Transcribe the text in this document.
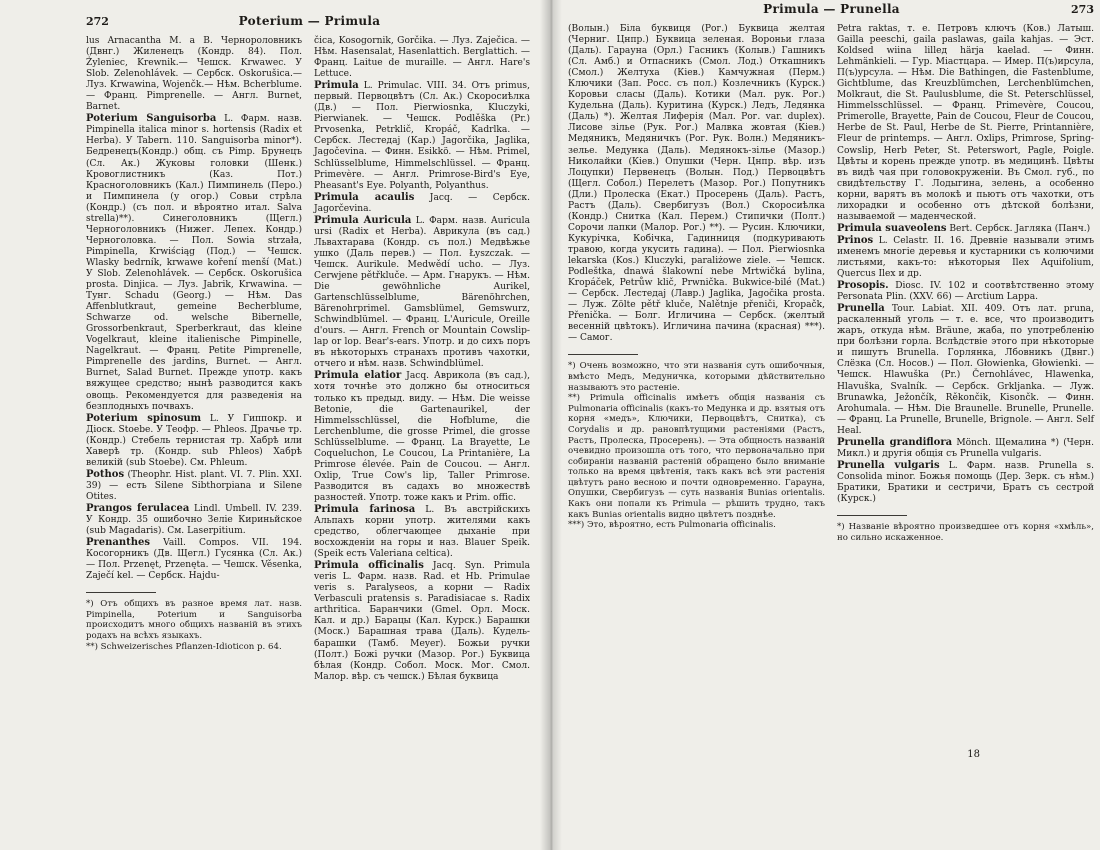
272	Poterium — Primula

lus Arnacantha M. a B. Чернороловникъ (Двнг.) Жиленецъ (Кондр. 84). Пол. Żyleniec, Krewnik.— Чешск. Krwawec. У Slob. Zelenohlávek. — Сербск. Oskorušica.—Луз. Krwawina, Wojenčk.— Нѣм. Bcherblume. — Франц. Pimprenelle. — Англ. Burnet, Barnet.

Poterium Sanguisorba L. Фарм. назв. Pimpinella italica minor s. hortensis (Radix et Herba). У Tabern. 110. Sanguisorba minor*). Бедренецъ(Кондр.) общ. съ Pimp. Брунецъ (Сл. Ак.) Жуковы головки (Шенк.) Кровоглистникъ (Каз. Пот.) Красноголовникъ (Кал.) Пимпинель (Перо.) и Пимпинела (у огор.) Совьи стрѣла (Кондр.) (съ пол. и вѣроятно итал. Salva strella)**). Синеголовникъ (Щегл.) Черноголовникъ (Нижег. Лепех. Кондр.) Черноголовка. — Пол. Sowia strzała, Pimpinella, Krwiściąg (Под.) — Чешск. Wlasky bedrník, krwawe koření menší (Mat.) У Slob. Zelenohlávek. — Сербск. Oskorušica prosta. Dinjica. — Луз. Jabrik, Krwawina. — Тунг. Schadu (Georg.) — Нѣм. Das Affenblutkraut, gemeine Becherblume, Schwarze od. welsche Bibernelle, Grossorbenkraut, Sperberkraut, das kleine Vogelkraut, kleine italienische Pimpinelle, Nagelkraut. — Франц. Petite Pimprenelle, Pimprenelle des jardins, Burnet. — Англ. Burnet, Salad Burnet. Прежде употр. какъ вяжущее средство; нынѣ разводится какъ овощь. Рекомендуется для разведенія на безплодныхъ почвахъ.

Poterium spinosum L. У Гиппокр. и Діоск. Stoebe. У Теофр. — Phleos. Драчье тр. (Кондр.) Стебель тернистая тр. Хабрѣ или Хаверѣ тр. (Кондр. sub Phleos) Хабрѣ великій (sub Stoebe). См. Phleum.

Pothos (Theophr. Hist. plant. VI. 7. Plin. XXI. 39) — есть Silene Sibthorpiana и Silene Otites.

Prangos ferulacea Lindl. Umbell. IV. 239. У Кондр. 35 ошибочно Зеліе Кириньйское (sub Magadaris). См. Laserpitium.

Prenanthes Vaill. Compos. VII. 194. Косогорникъ (Дв. Щегл.) Гусянка (Сл. Ак.) — Пол. Przenęt, Przenęta. — Чешск. Věsenka, Zaječí kel. — Сербск. Hajdu-

*) Отъ общихъ въ разное время лат. назв. Pimpinella, Poterium и Sanguisorba происходитъ много общихъ названій въ этихъ родахъ на всѣхъ языкахъ.

**) Schweizerisches Pflanzen-Idioticon p. 64.

čica, Kosogornik, Gorčika. — Луз. Zaječica. — Нѣм. Hasensalat, Hasenlattich. Berglattich. — Франц. Laitue de muraille. — Англ. Hare's Lettuce.

Primula L. Primulac. VIII. 34. Отъ primus, первый. Первоцвѣтъ (Сл. Ак.) Скоросиѣлка (Дв.) — Пол. Pierwiosnka, Kluczyki, Pierwianek. — Чешск. Podlěška (Pr.) Prvosenka, Petrklič, Kropáč, Kadrlka. — Сербск. Лестедаj (Кар.) Jagorčika, Jaglika, Jagočevina. — Финн. Esikkö. — Нѣм. Primel, Schlüsselblume, Himmelschlüssel. — Франц. Primevère. — Англ. Primrose-Bird's Eye, Pheasant's Eye. Polyanth, Polyanthus.

Primula acaulis Jacq. — Сербск. Jagorčevina.

Primula Auricula L. Фарм. назв. Auricula ursi (Radix et Herba). Аврикула (въ сад.) Львахтарава (Кондр. съ пол.) Медвѣжье ушко (Даль перев.) — Пол. Łyszczak. — Чешск. Aurikule. Medwědí ucho. — Луз. Cerwjene pětřkluče. — Арм. Гнарукъ. — Нѣм. Die gewöhnliche Aurikel, Gartenschlüsselblume, Bärenöhrchen, Bärenohrprimel. Gamsblümel, Gemswurz, Schwindblümel. — Франц. L'Auricule, Oreille d'ours. — Англ. French or Mountain Cowslip-lap or lop. Bear's-ears. Употр. и до сихъ поръ въ нѣкоторыхъ странахъ противъ чахотки, отчего и нѣм. назв. Schwindblümel.

Primula elatior Jacq. Аврикола (въ сад.), хотя точнѣе это должно бы относиться только къ предыд. виду. — Нѣм. Die weisse Betonie, die Gartenaurikel, der Himmelsschlüssel, die Hofblume, die Lerchenblume, die grosse Primel, die grosse Schlüsselblume. — Франц. La Brayette, Le Coqueluchon, Le Coucou, La Printanière, La Primrose élevée. Pain de Coucou. — Англ. Oxlip, True Cow's lip, Taller Primrose. Разводится въ садахъ во множествѣ разностей. Употр. тоже какъ и Prim. offic.

Primula farinosa L. Въ австрійскихъ Альпахъ корни употр. жителями какъ средство, облегчающее дыханіе при восхожденіи на горы и наз. Blauer Speik. (Speik есть Valeriana celtica).

Primula officinalis Jacq. Syn. Primula veris L. Фарм. назв. Rad. et Hb. Primulae veris s. Paralyseos, а корни — Radix Verbasculi pratensis s. Paradisiacae s. Radix arthritica. Баранчики (Gmel. Орл. Моск. Кал. и др.) Барацы (Кал. Курск.) Барашки (Моск.) Барашная трава (Даль). Кудель-барашки (Тамб. Meyer). Божьи ручки (Полт.) Божі ручки (Мазор. Рог.) Буквица бѣлая (Кондр. Собол. Моск. Мог. Смол. Малор. вѣр. съ чешск.) Бѣлая буквица

Primula — Prunella	273

(Волын.) Біла буквиця (Рог.) Буквица желтая (Черниг. Цнпр.) Буквица зеленая. Вороньи глаза (Даль). Гарауна (Орл.) Гасникъ (Колыв.) Гашникъ (Сл. Амб.) и Отпасникъ (Смол. Лод.) Откашникъ (Смол.) Желтуха (Кіев.) Камчужная (Перм.) Ключики (Зап. Росс. съ пол.) Козлечникъ (Курск.) Коровьи сласы (Даль). Котики (Мал. рук. Рог.) Кудельна (Даль). Куритина (Курск.) Ледъ, Ледянка (Даль) *). Желтая Лифеpія (Мал. Рог. var. duplex). Лисове зілье (Рук. Рог.) Малвка жовтая (Кіев.) Медяникъ, Медяничкъ (Рог. Рук. Волн.) Медяникъ-зелье. Медунка (Даль). Медянокъ-зілье (Мазор.) Николайки (Кіев.) Опушки (Черн. Цнпр. вѣр. изъ Лоцупки) Первенецъ (Волын. Под.) Первоцвѣтъ (Щегл. Собол.) Перелетъ (Мазор. Рог.) Попутникъ (Дли.) Пролеска (Екат.) Просерень (Даль). Растъ, Растъ (Даль). Свербигузъ (Вол.) Скоросиѣлка (Кондр.) Снитка (Кал. Перем.) Стипички (Полт.) Сорочи лапки (Малор. Рог.) **). — Русин. Ключики, Кукурічка, Кобічка, Гадинниця (подкуривають травою, когда укусить гадина). — Пол. Pierwiosnka lekarska (Kos.) Kluczyki, paraliżowe ziele. — Чешск. Podleštka, dnawá šlakowní nebe Mrtwičká bylina, Kropáček, Petrůw klič, Prwnička. Bukwice-bilé (Mat.) — Сербск. Лестедaj (Лавр.) Jaglika, Jagočika prosta. — Луж. Zölte pětř kluče, Nalětnje přeniči, Kropačk, Přenička. — Болг. Игличина — Сербск. (желтый весенній цвѣтокъ). Игличина пачина (красная) ***). — Самог.

*) Очень возможно, что эти названія суть ошибочныя, вмѣсто Медъ, Медуничка, которыми дѣйствительно называютъ это растеніе.

**) Primula officinalis имѣетъ общія названія съ Pulmonaria officinalis (какъ-то Медунка и др. взятыя отъ корня «медъ», Ключики, Первоцвѣтъ, Снитка), съ Corydalis и др. рановпѣтущими растеніями (Растъ, Растъ, Пролеска, Просерень). — Эта общность названій очевидно произошла отъ того, что первоначально при собираніи названій растеній обращено было вниманіе только на время цвѣтенія, такъ какъ всѣ эти растенія цвѣтутъ рано весною и почти одновременно. Гарауна, Опушки, Свербигузъ — суть названія Bunias orientalis. Какъ они попали къ Primula — рѣшить трудно, такъ какъ Bunias orientalis видно цвѣтетъ позднѣе.

***) Это, вѣроятно, есть Pulmonaria officinalis.

Petra raktas, т. е. Петровъ ключъ (Ков.) Латыш. Gailla peeschi, gaila paslawas, gaila kahjas. — Эст. Koldsed wiina lillед härja kaelad. — Финн. Lehmänkieli. — Гур. Міастцаpa. — Имер. П(ъ)ирсула, П(ъ)урсула. — Нѣм. Die Bathingen, die Fastenblume, Gichtblume, das Kreuzblümchen, Lerchenblümchen, Molkraut, die St. Paulusblume, die St. Peterschlüssel, Himmelsschlüssel. — Франц. Primevère, Coucou, Primerolle, Brayette, Pain de Coucou, Fleur de Coucou, Herbe de St. Paul, Herbe de St. Pierre, Printannière, Fleur de printemps. — Англ. Oxlips, Primrose, Spring-Cowslip, Herb Peter, St. Peterswort, Pagle, Poigle. Цвѣты и корень прежде употр. въ медицинѣ. Цвѣты въ видѣ чая при головокруженіи. Въ Смол. губ., по свидѣтельству Г. Лодыгина, зелень, а особенно корни, варятъ въ молокѣ и пьютъ отъ чахотки, отъ лихорадки и особенно отъ дѣтской болѣзни, называемой — маденческой.

Primula suaveolens Bert. Сербск. Jaгляка (Панч.)

Prinos L. Celastr. II. 16. Древніе называли этимъ именемъ многіе деревья и кустарники съ колючими листьями, какъ-то: нѣкоторыя Ilex Aquifolium, Quercus Ilex и др.

Prosopis. Diosc. IV. 102 и соотвѣтственно этому Personata Plin. (XXV. 66) — Arctium Lappa.

Prunella Tour. Labiat. XII. 409. Отъ лат. pruna, раскаленный уголь — т. е. все, что производитъ жаръ, откуда нѣм. Bräune, жаба, по употребленію при болѣзни горла. Вслѣдствіе этого при нѣкоторые и пишутъ Brunella. Горлянка, Лбовникъ (Двнг.) Слёзка (Сл. Носов.) — Пол. Głowienka, Głowienki. — Чешск. Hlawuška (Pr.) Černohlávec, Hlawenka, Hlavuška, Svalník. — Сербск. Grkljanka. — Луж. Brunawka, Ježončík, Rěkončik, Kisončk. — Финн. Arohumala. — Нѣм. Die Braunelle. Brunelle, Prunelle. — Франц. La Prunelle, Brunelle, Brignole. — Англ. Self Heal.

Prunella grandiflora Mönch. Щемалина *) (Черн. Микл.) и другія общія съ Prunella vulgaris.

Prunella vulgaris L. Фарм. назв. Prunella s. Consolida minor. Божья помощь (Дер. Зерк. съ нѣм.) Братики, Братики и сестричи, Братъ съ сестрой (Курск.)

*) Названіе вѣроятно произведшее отъ корня «хмѣль», но сильно искаженное.

18
